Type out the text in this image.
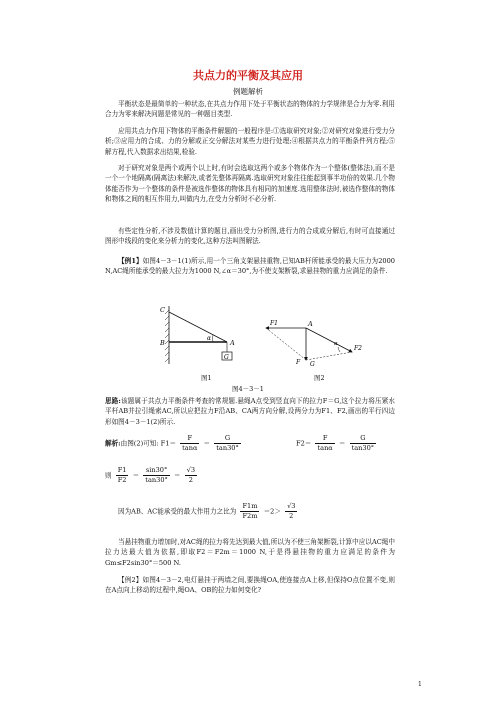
共点力的平衡及其应用
例题解析

平衡状态是最简单的一种状态,在共点力作用下处于平衡状态的物体的力学规律是合力为零.利用合力为零来解决问题是常见的一种题目类型.

应用共点力作用下物体的平衡条件解题的一般程序是:①选取研究对象;②对研究对象进行受力分析;③应用力的合成、力的分解或正交分解法对某些力进行处理;④根据共点力的平衡条件列方程;⑤解方程,代入数据求出结果,检验.

对于研究对象是两个或两个以上时,有时会选取这两个或多个物体作为一个整体(整体法),而不是一个一个地隔离(隔离法)来解决,或者先整体再隔离.选取研究对象往往能起到事半功倍的效果.几个物体能否作为一个整体的条件是被选作整体的物体具有相同的加速度.选用整体法时,被选作整体的物体和物体之间的相互作用力,叫做内力,在受力分析时不必分析.

有些定性分析,不涉及数值计算的题目,画出受力分析图,进行力的合成或分解后,有时可直接通过图形中线段的变化来分析力的变化,这种方法叫图解法.

【例1】如图4－3－1(1)所示,用一个三角支架悬挂重物,已知AB杆所能承受的最大压力为2000 N,AC绳所能承受的最大拉力为1000 N,∠α＝30°,为不使支架断裂,求悬挂物的重力应满足的条件.

C
B	A
α
G
F1	A
F G
F2
α
图1	图2
图4－3－1

思路:该题属于共点力平衡条件考查的常规题.悬绳A点受到竖直向下的拉力F＝G,这个拉力将压紧水平杆AB并拉引绳索AC,所以应把拉力F沿AB、CA两方向分解,设两分力为F1、F2,画出的平行四边形如图4－3－1(2)所示.

解析:由图(2)可知: $F1= \frac{F}{\tan\alpha} = \frac{G}{\tan 30^\circ}$	$F2= \frac{F}{\tan\alpha} = \frac{G}{\tan 30^\circ}$
则 $\frac{F1}{F2} = \frac{\sin 30^\circ}{\tan 30^\circ} = \frac{√3}{2}$
因为AB、AC能承受的最大作用力之比为 $\frac{F1m}{F2m} =2> \frac{√3}{2}$

当悬挂物重力增加时,对AC绳的拉力将先达到最大值,所以为不使三角架断裂,计算中应以AC绳中拉力达最大值为依据,即取F2＝F2m＝1000 N,于是得悬挂物的重力应满足的条件为Gm≤F2sin30°＝500 N.

【例2】如图4－3－2,电灯悬挂于两墙之间,要换绳OA,使连接点A上移,但保持O点位置不变,则在A点向上移动的过程中,绳OA、OB的拉力如何变化?

1
